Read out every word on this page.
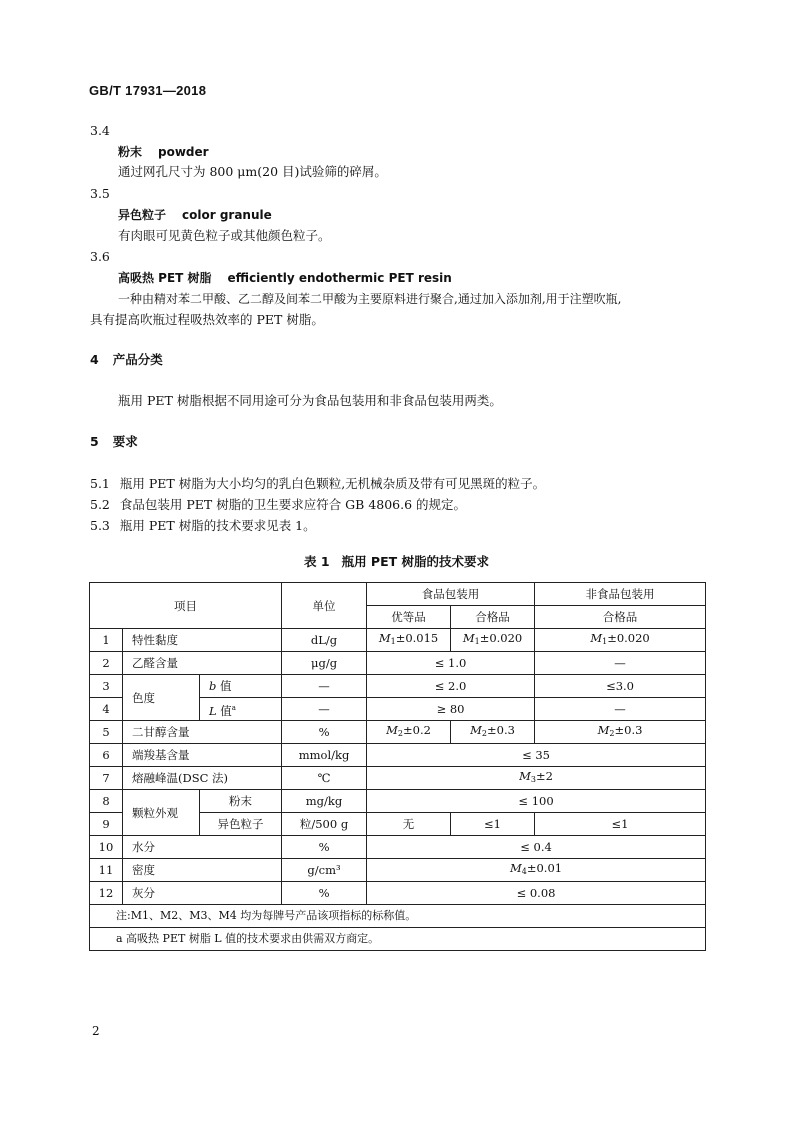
GB/T 17931—2018
3.4
粉末 powder
通过网孔尺寸为 800 μm(20 目)试验筛的碎屑。
3.5
异色粒子 color granule
有肉眼可见黄色粒子或其他颜色粒子。
3.6
高吸热 PET 树脂 efficiently endothermic PET resin
一种由精对苯二甲酸、乙二醇及间苯二甲酸为主要原料进行聚合,通过加入添加剂,用于注塑吹瓶,
具有提高吹瓶过程吸热效率的 PET 树脂。
4 产品分类
瓶用 PET 树脂根据不同用途可分为食品包装用和非食品包装用两类。
5 要求
5.1 瓶用 PET 树脂为大小均匀的乳白色颗粒,无机械杂质及带有可见黑斑的粒子。
5.2 食品包装用 PET 树脂的卫生要求应符合 GB 4806.6 的规定。
5.3 瓶用 PET 树脂的技术要求见表 1。
表 1 瓶用 PET 树脂的技术要求
项目			单位	食品包装用		非食品包装用
				优等品	合格品	合格品
1	特性黏度		dL/g	$M_1\pm 0.015$	$M_1\pm 0.020$	$M_1\pm 0.020$
2	乙醛含量		μg/g	≤ 1.0		—
3	色度	b 值	—	≤ 2.0		≤3.0
4		L 值$^a$	—	≥ 80		—
5	二甘醇含量		%	$M_2\pm 0.2$	$M_2\pm 0.3$	$M_2\pm 0.3$
6	端羧基含量		mmol/kg	≤ 35		
7	熔融峰温(DSC 法)		℃	$M_3\pm 2$		
8	颗粒外观	粉末	mg/kg	≤ 100		
9		异色粒子	粒/500 g	无	≤1	≤1
10	水分		%	≤ 0.4		
11	密度		g/cm³	$M_4\pm 0.01$		
12	灰分		%	≤ 0.08		
注:M1、M2、M3、M4 均为每牌号产品该项指标的标称值。						
a 高吸热 PET 树脂 L 值的技术要求由供需双方商定。						
2
